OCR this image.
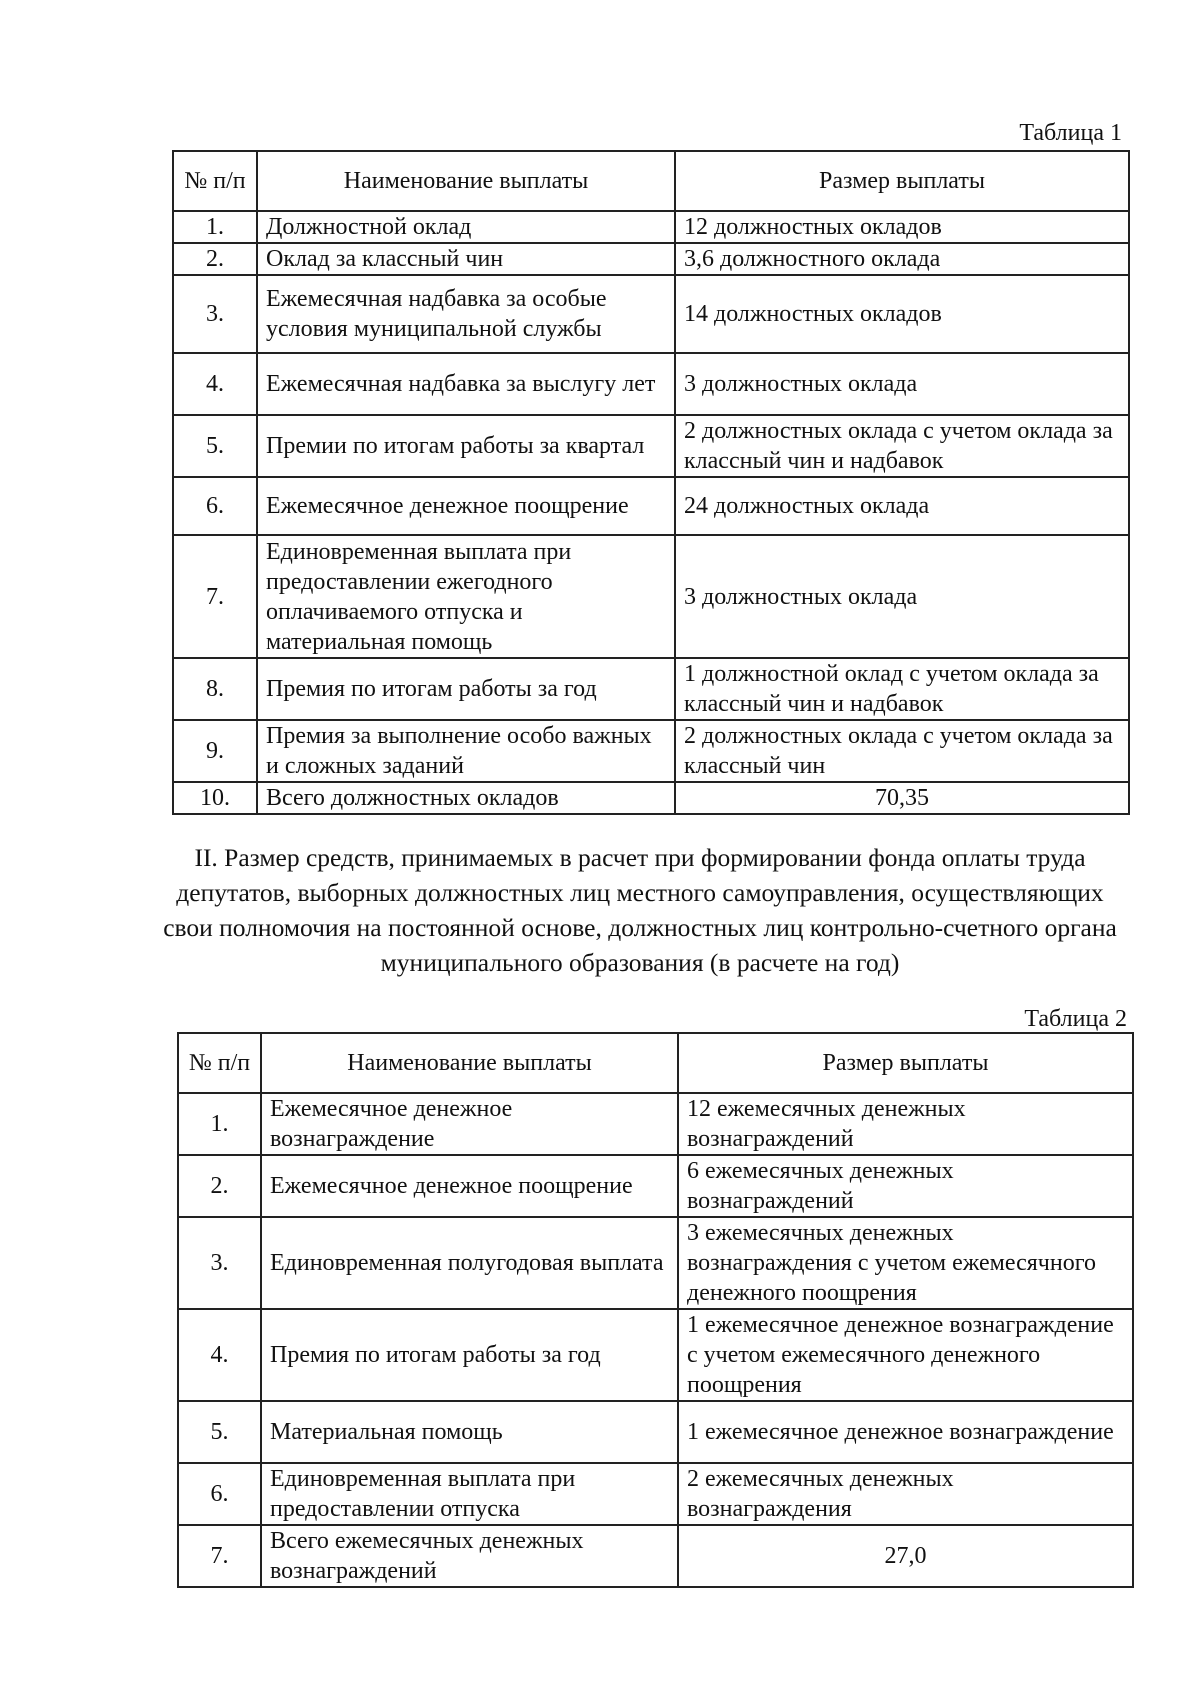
Таблица 1
№ п/п	Наименование выплаты	Размер выплаты
1.	Должностной оклад	12 должностных окладов
2.	Оклад за классный чин	3,6 должностного оклада
3.	Ежемесячная надбавка за особые условия муниципальной службы	14 должностных окладов
4.	Ежемесячная надбавка за выслугу лет	3 должностных оклада
5.	Премии по итогам работы за квартал	2 должностных оклада с учетом оклада за классный чин и надбавок
6.	Ежемесячное денежное поощрение	24 должностных оклада
7.	Единовременная выплата при предоставлении ежегодного оплачиваемого отпуска и материальная помощь	3 должностных оклада
8.	Премия по итогам работы за год	1 должностной оклад с учетом оклада за классный чин и надбавок
9.	Премия за выполнение особо важных и сложных заданий	2 должностных оклада с учетом оклада за классный чин
10.	Всего должностных окладов	70,35
II. Размер средств, принимаемых в расчет при формировании фонда оплаты труда депутатов, выборных должностных лиц местного самоуправления, осуществляющих свои полномочия на постоянной основе, должностных лиц контрольно-счетного органа муниципального образования (в расчете на год)
Таблица 2
№ п/п	Наименование выплаты	Размер выплаты
1.	Ежемесячное денежное вознаграждение	12 ежемесячных денежных вознаграждений
2.	Ежемесячное денежное поощрение	6 ежемесячных денежных вознаграждений
3.	Единовременная полугодовая выплата	3 ежемесячных денежных вознаграждения с учетом ежемесячного денежного поощрения
4.	Премия по итогам работы за год	1 ежемесячное денежное вознаграждение с учетом ежемесячного денежного поощрения
5.	Материальная помощь	1 ежемесячное денежное вознаграждение
6.	Единовременная выплата при предоставлении отпуска	2 ежемесячных денежных вознаграждения
7.	Всего ежемесячных денежных вознаграждений	27,0
